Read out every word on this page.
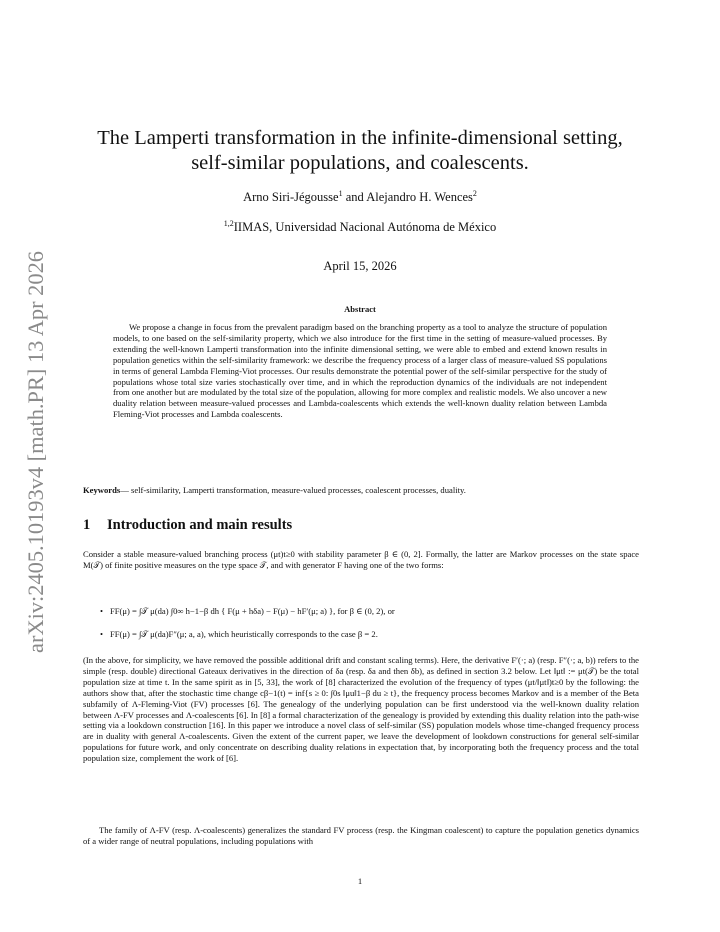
arXiv:2405.10193v4 [math.PR] 13 Apr 2026
The Lamperti transformation in the infinite-dimensional setting,
self-similar populations, and coalescents.
Arno Siri-Jégousse$^1$ and Alejandro H. Wences$^2$
$^{1,2}$IIMAS, Universidad Nacional Autónoma de México
April 15, 2026
Abstract

We propose a change in focus from the prevalent paradigm based on the branching property as a tool to analyze the structure of population models, to one based on the self-similarity property, which we also introduce for the first time in the setting of measure-valued processes. By extending the well-known Lamperti transformation into the infinite dimensional setting, we were able to embed and extend known results in population genetics within the self-similarity framework: we describe the frequency process of a larger class of measure-valued SS populations in terms of general Lambda Fleming-Viot processes. Our results demonstrate the potential power of the self-similar perspective for the study of populations whose total size varies stochastically over time, and in which the reproduction dynamics of the individuals are not independent from one another but are modulated by the total size of the population, allowing for more complex and realistic models. We also uncover a new duality relation between measure-valued processes and Lambda-coalescents which extends the well-known duality relation between Lambda Fleming-Viot processes and Lambda coalescents.

Keywords— self-similarity, Lamperti transformation, measure-valued processes, coalescent processes, duality.
1 Introduction and main results

Consider a stable measure-valued branching process (μt)t≥0 with stability parameter β ∈ (0, 2]. Formally, the latter are Markov processes on the state space M(𝒯) of finite positive measures on the type space 𝒯, and with generator F having one of the two forms:

• FF(μ) = ∫𝒯 μ(da) ∫0∞ h−1−β dh { F(μ + hδa) − F(μ) − hF′(μ; a) }, for β ∈ (0, 2), or
• FF(μ) = ∫𝒯 μ(da)F″(μ; a, a), which heuristically corresponds to the case β = 2.

(In the above, for simplicity, we have removed the possible additional drift and constant scaling terms). Here, the derivative F′(·; a) (resp. F″(·; a, b)) refers to the simple (resp. double) directional Gateaux derivatives in the direction of δa (resp. δa and then δb), as defined in section 3.2 below. Let ‖μt‖ := μt(𝒯) be the total population size at time t. In the same spirit as in [5, 33], the work of [8] characterized the evolution of the frequency of types (μt/‖μt‖)t≥0 by the following: the authors show that, after the stochastic time change cβ−1(t) = inf{s ≥ 0: ∫0s ‖μu‖1−β du ≥ t}, the frequency process becomes Markov and is a member of the Beta subfamily of Λ-Fleming-Viot (FV) processes [6]. The genealogy of the underlying population can be first understood via the well-known duality relation between Λ-FV processes and Λ-coalescents [6]. In [8] a formal characterization of the genealogy is provided by extending this duality relation into the path-wise setting via a lookdown construction [16]. In this paper we introduce a novel class of self-similar (SS) population models whose time-changed frequency process are in duality with general Λ-coalescents. Given the extent of the current paper, we leave the development of lookdown constructions for general self-similar populations for future work, and only concentrate on describing duality relations in expectation that, by incorporating both the frequency process and the total population size, complement the work of [6].

The family of Λ-FV (resp. Λ-coalescents) generalizes the standard FV process (resp. the Kingman coalescent) to capture the population genetics dynamics of a wider range of neutral populations, including populations with

1
